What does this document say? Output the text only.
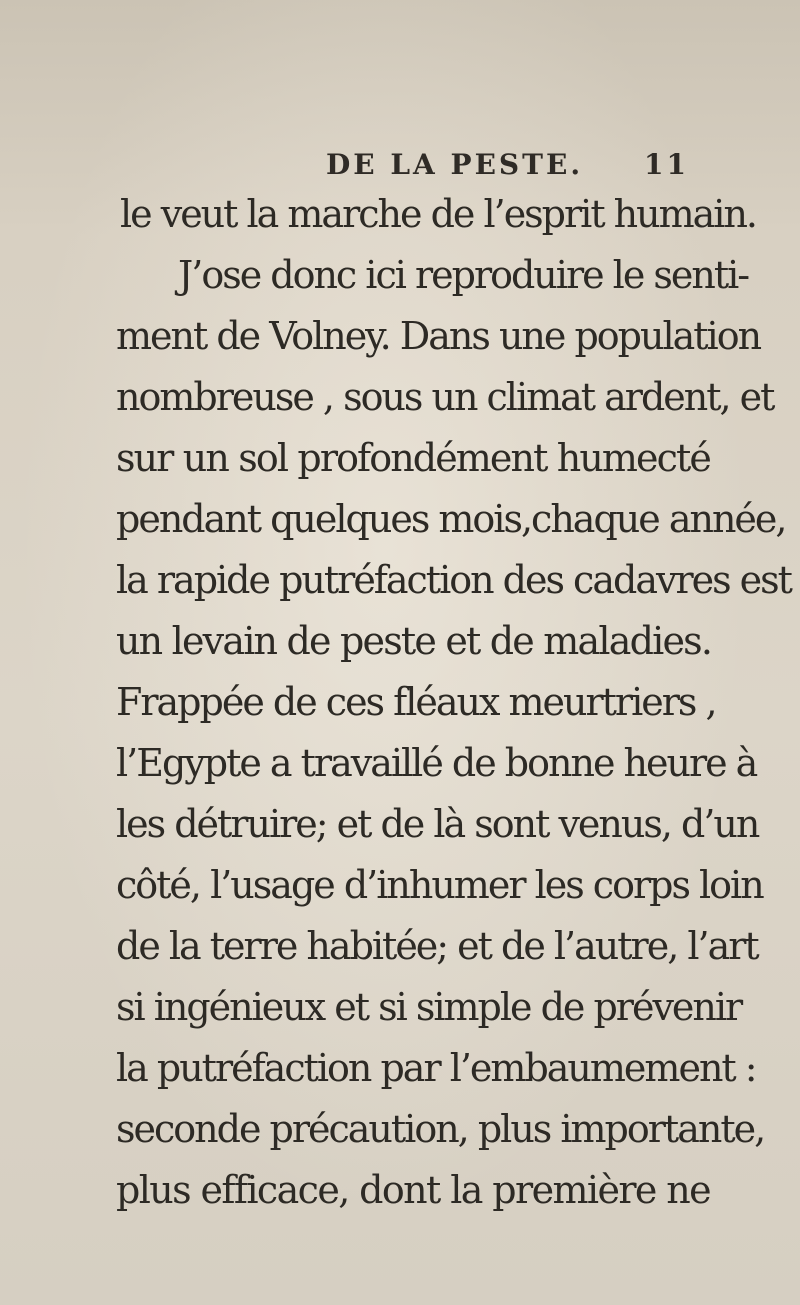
DE LA PESTE. 11
le veut la marche de l’esprit humain.
J’ose donc ici reproduire le senti-
ment de Volney. Dans une population
nombreuse , sous un climat ardent, et
sur un sol profondément humecté
pendant quelques mois,chaque année,
la rapide putréfaction des cadavres est
un levain de peste et de maladies.
Frappée de ces fléaux meurtriers ,
l’Egypte a travaillé de bonne heure à
les détruire; et de là sont venus, d’un
côté, l’usage d’inhumer les corps loin
de la terre habitée; et de l’autre, l’art
si ingénieux et si simple de prévenir
la putréfaction par l’embaumement :
seconde précaution, plus importante,
plus efficace, dont la première ne
